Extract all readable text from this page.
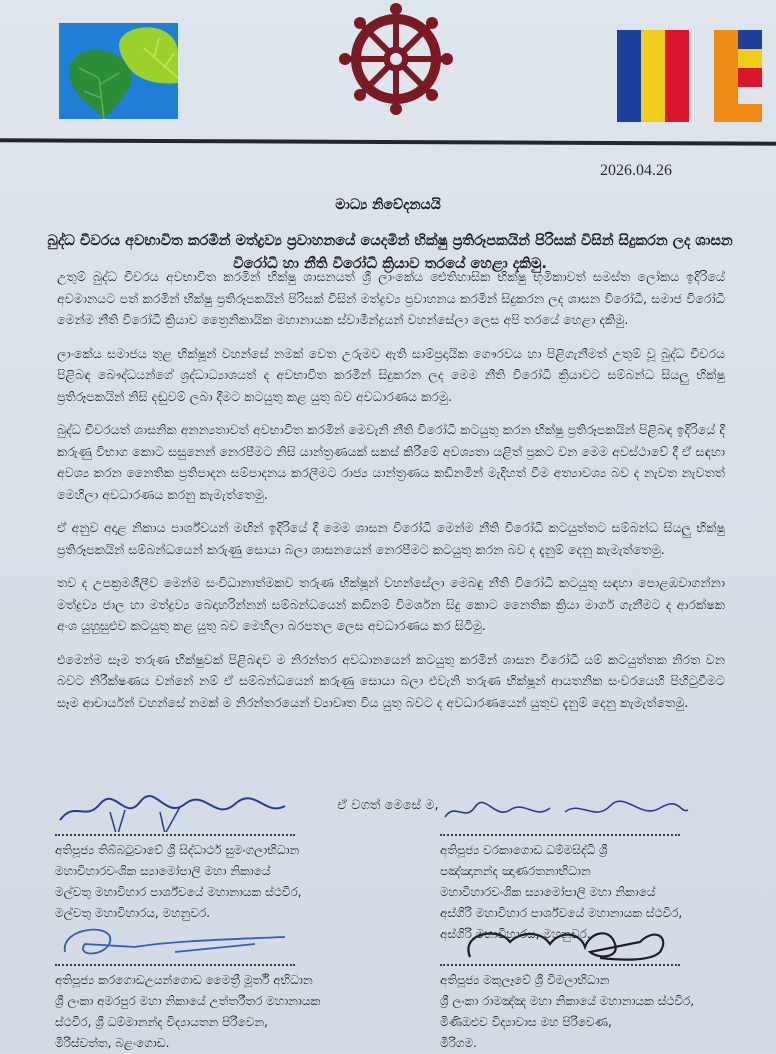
2026.04.26
මාධ්‍ය නිවේදනයයි
බුද්ධ චීවරය අවභාවිත කරමින් මත්ද්‍රව්‍ය ප්‍රවාහනයේ යෙදමින් භික්ෂු ප්‍රතිරූපකයින් පිරිසක් විසින් සිදුකරන ලද ශාසන විරෝධී හා නීති විරෝධී ක්‍රියාව තරයේ හෙළා දකිමු.

උතුම් බුද්ධ චීවරය අවභාවිත කරමින් භික්ෂු ශාසනයත් ශ්‍රී ලාංකේය ඓතිහාසික භික්ෂු භූමිකාවත් සමස්ත ලෝකය ඉදිරියේ අවමානයට පත් කරමින් භික්ෂු ප්‍රතිරූපකයින් පිරිසක් විසින් මත්ද්‍රව්‍ය ප්‍රවාහනය කරමින් සිදුකරන ලද ශාසන විරෝධී, සමාජ විරෝධී මෙන්ම නීති විරෝධී ක්‍රියාව ත්‍රෛනිකායික මහානායක ස්වාමීන්ද්‍රයන් වහන්සේලා ලෙස අපි තරයේ හෙළා දකිමු.

ලාංකේය සමාජය තුළ භික්ෂූන් වහන්සේ නමක් වෙත උරුමව ඇති සාම්ප්‍රදායික ගෞරවය හා පිළිගැනීමත් උතුම් වූ බුද්ධ චීවරය පිළිබඳ බෞද්ධයන්ගේ ශ්‍රද්ධාධ්‍යාශයත් ද අවභාවිත කරමින් සිදුකරන ලද මෙම නීති විරෝධී ක්‍රියාවට සම්බන්ධ සියලු භික්ෂු ප්‍රතිරූපකයින් නිසි දඬුවම් ලබා දීමට කටයුතු කළ යුතු බව අවධාරණය කරමු.

බුද්ධ චීවරයත් ශාසනික අනන්‍යතාවත් අවභාවිත කරමින් මෙවැනි නීති විරෝධී කටයුතු කරන භික්ෂු ප්‍රතිරූපකයින් පිළිබඳ ඉදිරියේ දී කරුණු විභාග කොට සසුනෙන් නෙරපීමට නිසි යාන්ත්‍රණයක් සකස් කිරීමේ අවශ්‍යතා යළිත් ප්‍රකට වන මෙම අවස්ථාවේ දී ඒ සඳහා අවශ්‍ය කරන නෛතික ප්‍රතිපාදන සම්පාදනය කරලීමට රාජ්‍ය යාන්ත්‍රණය කඩිනමින් මැදිහත් වීම අත්‍යාවශ්‍ය බව ද නැවත නැවතත් මෙහිලා අවධාරණය කරනු කැමැත්තෙමු.

ඒ අනුව අදාළ නිකාය පාර්ශ්වයන් මඟින් ඉදිරියේ දී මෙම ශාසන විරෝධී මෙන්ම නීති විරෝධී කටයුත්තට සම්බන්ධ සියලු භික්ෂු ප්‍රතිරූපකයින් සම්බන්ධයෙන් කරුණු සොයා බලා ශාසනයෙන් නෙරපීමට කටයුතු කරන බව ද දැනුම් දෙනු කැමැත්තෙමු.

තව ද උපක්‍රමශීලීව මෙන්ම සංවිධානාත්මකව තරුණ භික්ෂූන් වහන්සේලා මෙබඳු නීති විරෝධී කටයුතු සඳහා පොළඹවාගන්නා මත්ද්‍රව්‍ය ජාල හා මත්ද්‍රව්‍ය බෙදාහරින්නන් සම්බන්ධයෙන් කඩිනම් විමර්ශන සිදු කොට නෛතික ක්‍රියා මාර්ග ගැනීමට ද ආරක්ෂක අංශ යුහුසුළුව කටයුතු කළ යුතු බව මෙහිලා බරපතල ලෙස අවධාරණය කර සිටිමු.

එමෙන්ම සෑම තරුණ භික්ෂුවක් පිළිබඳව ම නිරන්තර අවධානයෙන් කටයුතු කරමින් ශාසන විරෝධී යම් කටයුත්තක නිරත වන බවට නිරීක්ෂණය වන්නේ නම් ඒ සම්බන්ධයෙන් කරුණු සොයා බලා එවැනි තරුණ භික්ෂූන් ආයතනික සංවරයෙහි පිහිටුවීමට සෑම ආචාර්යන් වහන්සේ නමක් ම නිරන්තරයෙන් ව්‍යාවෘත විය යුතු බවට ද අවධාරණයෙන් යුතුව දැනුම් දෙනු කැමැත්තෙමු.

ඒ වගත් මෙසේ ම,

අතිපූජ්‍ය තිබ්බටුවාවේ ශ්‍රී සිද්ධාර්ථ සුමංගලාභිධාන

මහාවිහාරවංශික ස්‍යාමෝපාලි මහා නිකායේ

මල්වතු මහාවිහාර පාර්ශ්වයේ මහානායක ස්ථවිර,

මල්වතු මහාවිහාරය, මහනුවර.

අතිපූජ්‍ය වරකාගොඩ ධම්මසිද්ධි ශ්‍රී

පඤ්ඤානන්ද ඤාණරතනාභිධාන

මහාවිහාරවංශික ස්‍යාමෝපාලි මහා නිකායේ

අස්ගිරි මහාවිහාර පාර්ශ්වයේ මහානායක ස්ථවිර,

අස්ගිරි මහාවිහාරය, මහනුවර.

අතිපූජ්‍ය කරගොඩඋයන්ගොඩ මෛත්‍රී මූර්ති අභිධාන

ශ්‍රී ලංකා අමරපුර මහා නිකායේ උත්තරීතර මහානායක

ස්ථවිර, ශ්‍රී ධම්මානන්ද විද්‍යායතන පිරිවෙන,

මිරිස්වත්ත, බළංගොඩ.

අතිපූජ්‍ය මකුලෑවේ ශ්‍රී විමලාභිධාන

ශ්‍රී ලංකා රාමඤ්ඤ මහා නිකායේ මහානායක ස්ථවිර,

මිණිඔළුව විද්‍යාවාස මහ පිරිවෙණ,

මීරිගම.
